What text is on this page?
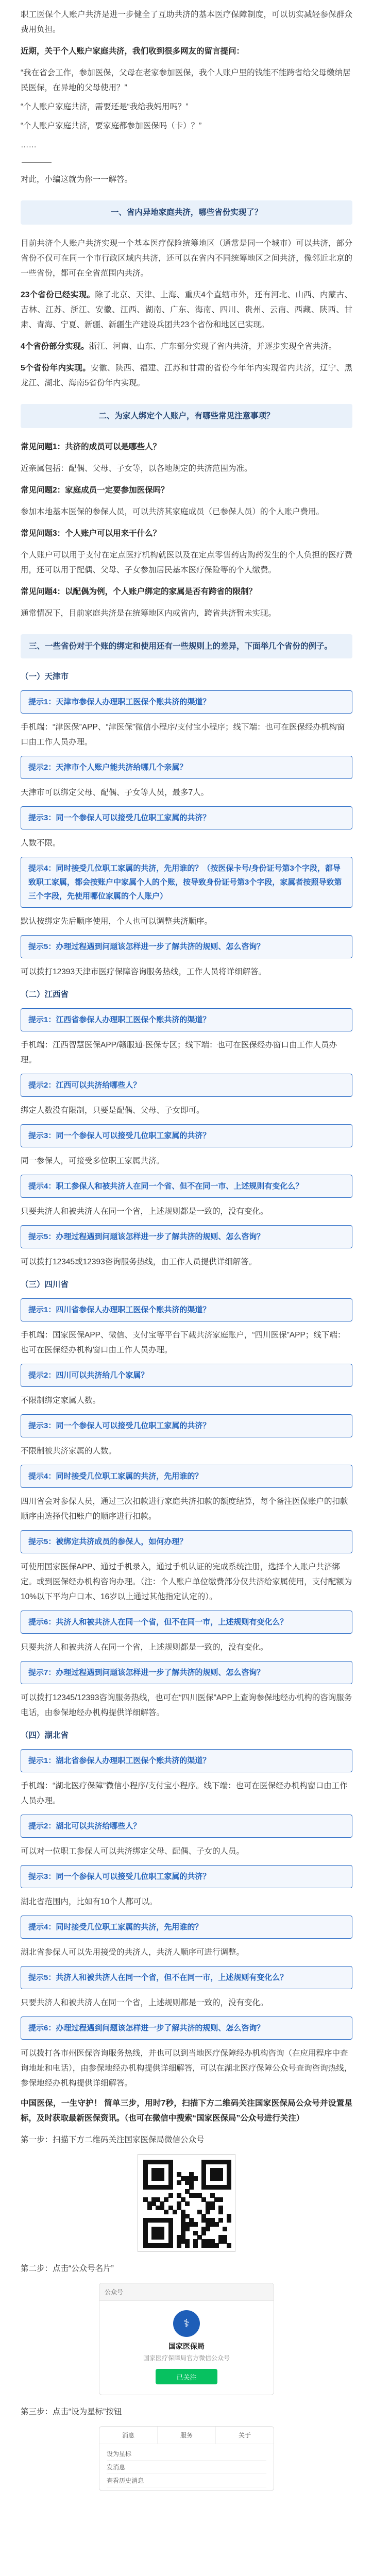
职工医保个人账户共济是进一步健全了互助共济的基本医疗保障制度，可以切实减轻参保群众费用负担。

近期，关于个人账户家庭共济，我们收到很多网友的留言提问：

“我在省会工作，参加医保，父母在老家参加医保，我个人账户里的钱能不能跨省给父母缴纳居民医保，在异地的父母使用？”

“个人账户家庭共济，需要还是“我给我妈用吗？”

“个人账户家庭共济，要家庭都参加医保吗（卡）？”

……

对此，小编这就为你一一解答。

一、省内异地家庭共济，哪些省份实现了？

目前共济个人账户共济实现一个基本医疗保险统筹地区（通常是同一个城市）可以共济，部分省份不仅可在同一个市行政区域内共济，还可以在省内不同统筹地区之间共济，像邻近北京的一些省份，都可在全省范围内共济。

23个省份已经实现。除了北京、天津、上海、重庆4个直辖市外，还有河北、山西、内蒙古、吉林、江苏、浙江、安徽、江西、湖南、广东、海南、四川、贵州、云南、西藏、陕西、甘肃、青海、宁夏、新疆、新疆生产建设兵团共23个省份和地区已实现。

4个省份部分实现。浙江、河南、山东、广东部分实现了省内共济，并逐步实现全省共济。

5个省份年内实现。安徽、陕西、福建、江苏和甘肃的省份今年年内实现省内共济，辽宁、黑龙江、湖北、海南5省份年内实现。

二、为家人绑定个人账户，有哪些常见注意事项？

常见问题1：共济的成员可以是哪些人？

近亲属包括：配偶、父母、子女等，以各地规定的共济范围为准。

常见问题2：家庭成员一定要参加医保吗？

参加本地基本医保的参保人员，可以共济其家庭成员（已参保人员）的个人账户费用。

常见问题3：个人账户可以用来干什么？

个人账户可以用于支付在定点医疗机构就医以及在定点零售药店购药发生的个人负担的医疗费用，还可以用于配偶、父母、子女参加居民基本医疗保险等的个人缴费。

常见问题4：以配偶为例，个人账户绑定的家属是否有跨省的限制？

通常情况下，目前家庭共济是在统筹地区内或省内，跨省共济暂未实现。

三、一些省份对于个账的绑定和使用还有一些规则上的差异，下面举几个省份的例子。
（一）天津市
提示1：天津市参保人办理职工医保个账共济的渠道？

手机端：“津医保”APP、“津医保”微信小程序/支付宝小程序；线下端：也可在医保经办机构窗口由工作人员办理。

提示2：天津市个人账户能共济给哪几个亲属？

天津市可以绑定父母、配偶、子女等人员，最多7人。

提示3：同一个参保人可以接受几位职工家属的共济？

人数不限。

提示4：同时接受几位职工家属的共济，先用谁的？（按医保卡号/身份证号第3个字段，都导致职工家属，都会按账户中家属个人的个账，按导致身份证号第3个字段，家属者按照导致第三个字段，先使用哪位家属的个人账户）

默认按绑定先后顺序使用，个人也可以调整共济顺序。

提示5：办理过程遇到问题该怎样进一步了解共济的规则、怎么咨询？

可以拨打12393天津市医疗保障咨询服务热线，工作人员将详细解答。

（二）江西省
提示1：江西省参保人办理职工医保个账共济的渠道？

手机端：江西智慧医保APP/赣服通·医保专区；线下端：也可在医保经办窗口由工作人员办理。

提示2：江西可以共济给哪些人？

绑定人数没有限制，只要是配偶、父母、子女即可。

提示3：同一个参保人可以接受几位职工家属的共济？

同一参保人，可接受多位职工家属共济。

提示4：职工参保人和被共济人在同一个省、但不在同一市、上述规则有变化么？

只要共济人和被共济人在同一个省，上述规则都是一致的，没有变化。

提示5：办理过程遇到问题该怎样进一步了解共济的规则、怎么咨询？

可以拨打12345或12393咨询服务热线，由工作人员提供详细解答。

（三）四川省
提示1：四川省参保人办理职工医保个账共济的渠道？

手机端：国家医保APP、微信、支付宝等平台下载共济家庭账户，“四川医保”APP；线下端：也可在医保经办机构窗口由工作人员办理。

提示2：四川可以共济给几个家属？

不限制绑定家属人数。

提示3：同一个参保人可以接受几位职工家属的共济？

不限制被共济家属的人数。

提示4：同时接受几位职工家属的共济，先用谁的？

四川省会对参保人员，通过三次扣款进行家庭共济扣款的额度结算，每个备注医保账户的扣款顺序由选择代扣账户的顺序进行扣款。

提示5：被绑定共济成员的参保人，如何办理？

可使用国家医保APP、通过手机录入，通过手机认证的完成系统注册，选择个人账户共济绑定。或到医保经办机构咨询办理。（注：个人账户单位缴费部分仅共济给家属使用，支付配额为10%以下平均户口本、16岁以上通过其他指定认定的）。

提示6：共济人和被共济人在同一个省，但不在同一市，上述规则有变化么？

只要共济人和被共济人在同一个省，上述规则都是一致的，没有变化。

提示7：办理过程遇到问题该怎样进一步了解共济的规则、怎么咨询？

可以拨打12345/12393咨询服务热线，也可在“四川医保”APP上查询参保地经办机构的咨询服务电话，由参保地经办机构提供详细解答。

（四）湖北省
提示1：湖北省参保人办理职工医保个账共济的渠道？

手机端：“湖北医疗保障”微信小程序/支付宝小程序。线下端：也可在医保经办机构窗口由工作人员办理。

提示2：湖北可以共济给哪些人？

可以对一位职工参保人可以共济绑定父母、配偶、子女的人员。

提示3：同一个参保人可以接受几位职工家属的共济？

湖北省范围内，比如有10个人都可以。

提示4：同时接受几位职工家属的共济，先用谁的？

湖北省参保人可以先用接受的共济人，共济人顺序可进行调整。

提示5：共济人和被共济人在同一个省，但不在同一市，上述规则有变化么？

只要共济人和被共济人在同一个省，上述规则都是一致的，没有变化。

提示6：办理过程遇到问题该怎样进一步了解共济的规则、怎么咨询？

可以拨打各市州医保咨询服务热线，并也可以到当地医疗保障经办机构咨询（在应用程序中查询地址和电话），由参保地经办机构提供详细解答，可以在湖北医疗保障公众号查询咨询热线，参保地经办机构提供详细解答。

中国医保，一生守护！ 简单三步，用时7秒，扫描下方二维码关注国家医保局公众号并设置星标，及时获取最新医保资讯。（也可在微信中搜索“国家医保局”公众号进行关注）

第一步：扫描下方二维码关注国家医保局微信公众号

第二步：点击“公众号名片”

公众号
⚕
国家医保局
国家医疗保障局官方微信公众号
已关注

第三步：点击“设为星标”按钮

消息	服务	关于
设为星标
发消息
查看历史消息
